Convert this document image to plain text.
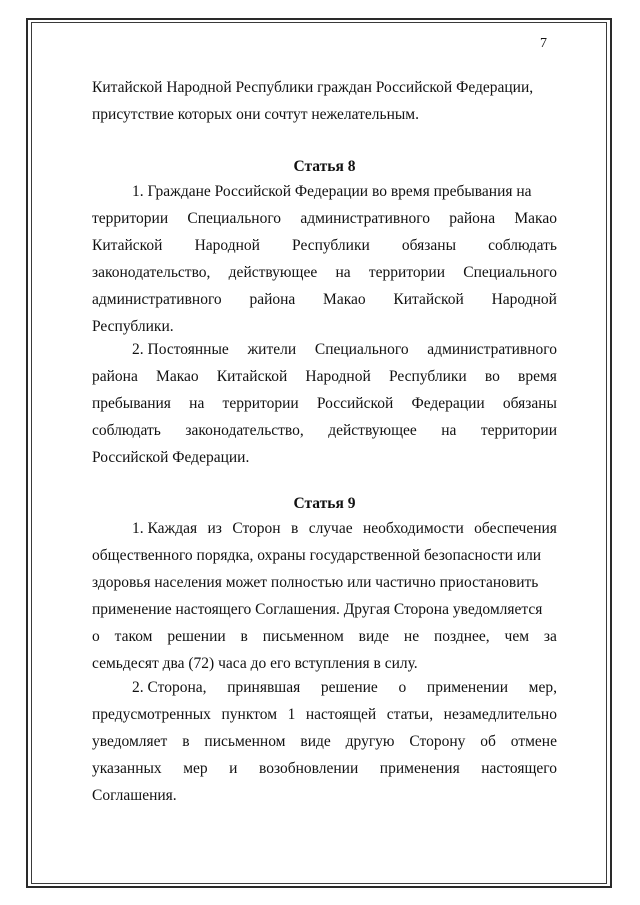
7
Китайской Народной Республики граждан Российской Федерации,
присутствие которых они сочтут нежелательным.
Статья 8
1. Граждане Российской Федерации во время пребывания на
территории Специального административного района Макао
Китайской Народной Республики обязаны соблюдать
законодательство, действующее на территории Специального
административного района Макао Китайской Народной
Республики.
2. Постоянные жители Специального административного
района Макао Китайской Народной Республики во время
пребывания на территории Российской Федерации обязаны
соблюдать законодательство, действующее на территории
Российской Федерации.
Статья 9
1. Каждая из Сторон в случае необходимости обеспечения
общественного порядка, охраны государственной безопасности или
здоровья населения может полностью или частично приостановить
применение настоящего Соглашения. Другая Сторона уведомляется
о таком решении в письменном виде не позднее, чем за
семьдесят два (72) часа до его вступления в силу.
2. Сторона, принявшая решение о применении мер,
предусмотренных пунктом 1 настоящей статьи, незамедлительно
уведомляет в письменном виде другую Сторону об отмене
указанных мер и возобновлении применения настоящего
Соглашения.
